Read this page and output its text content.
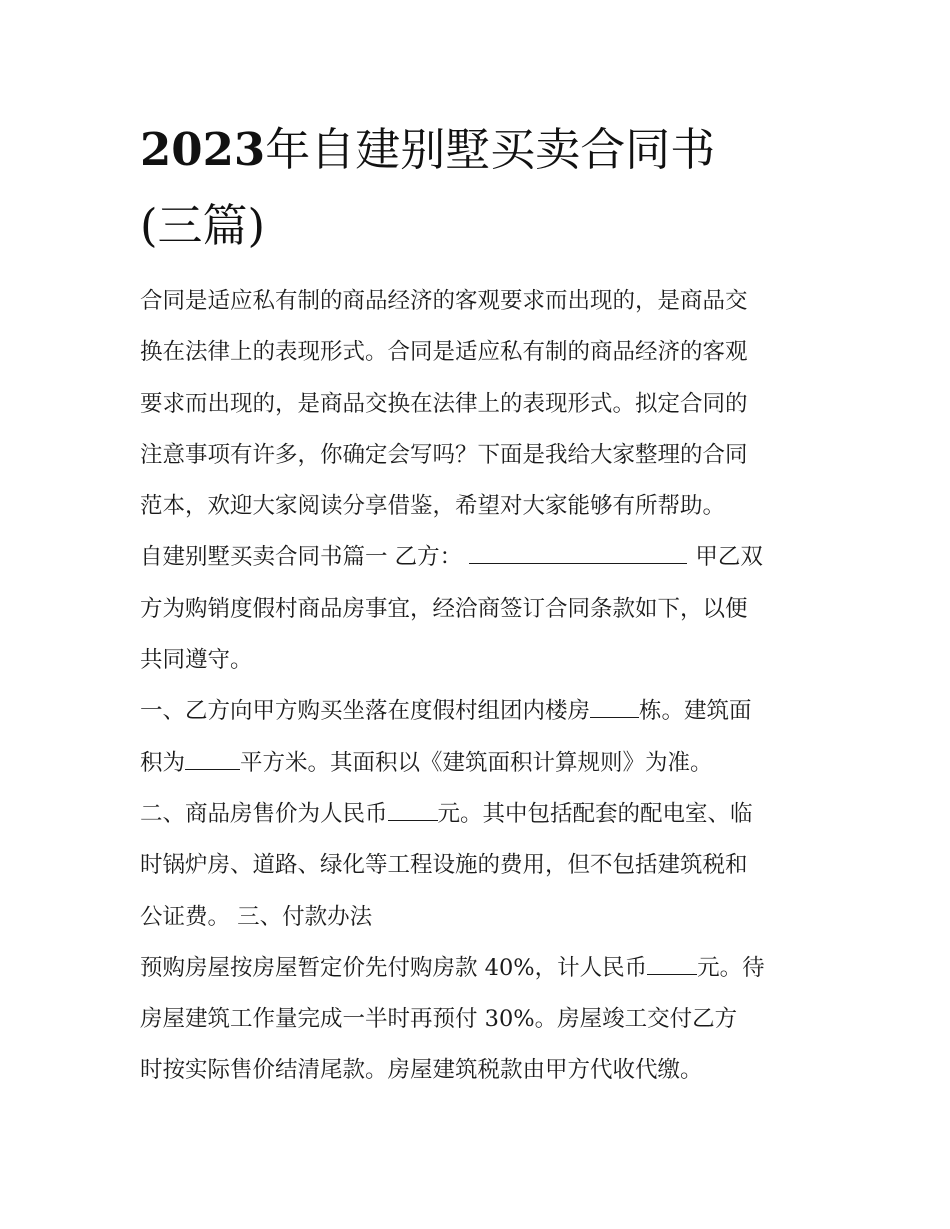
2023年自建别墅买卖合同书
(三篇)
合同是适应私有制的商品经济的客观要求而出现的，是商品交
换在法律上的表现形式。合同是适应私有制的商品经济的客观
要求而出现的，是商品交换在法律上的表现形式。拟定合同的
注意事项有许多，你确定会写吗？下面是我给大家整理的合同
范本，欢迎大家阅读分享借鉴，希望对大家能够有所帮助。
自建别墅买卖合同书篇一 乙方：	甲乙双
方为购销度假村商品房事宜，经洽商签订合同条款如下，以便
共同遵守。
一、乙方向甲方购买坐落在度假村组团内楼房 栋。建筑面
积为 平方米。其面积以《建筑面积计算规则》为准。
二、商品房售价为人民币 元。其中包括配套的配电室、临
时锅炉房、道路、绿化等工程设施的费用，但不包括建筑税和
公证费。 三、付款办法
预购房屋按房屋暂定价先付购房款 40%，计人民币 元。待
房屋建筑工作量完成一半时再预付 30%。房屋竣工交付乙方
时按实际售价结清尾款。房屋建筑税款由甲方代收代缴。
